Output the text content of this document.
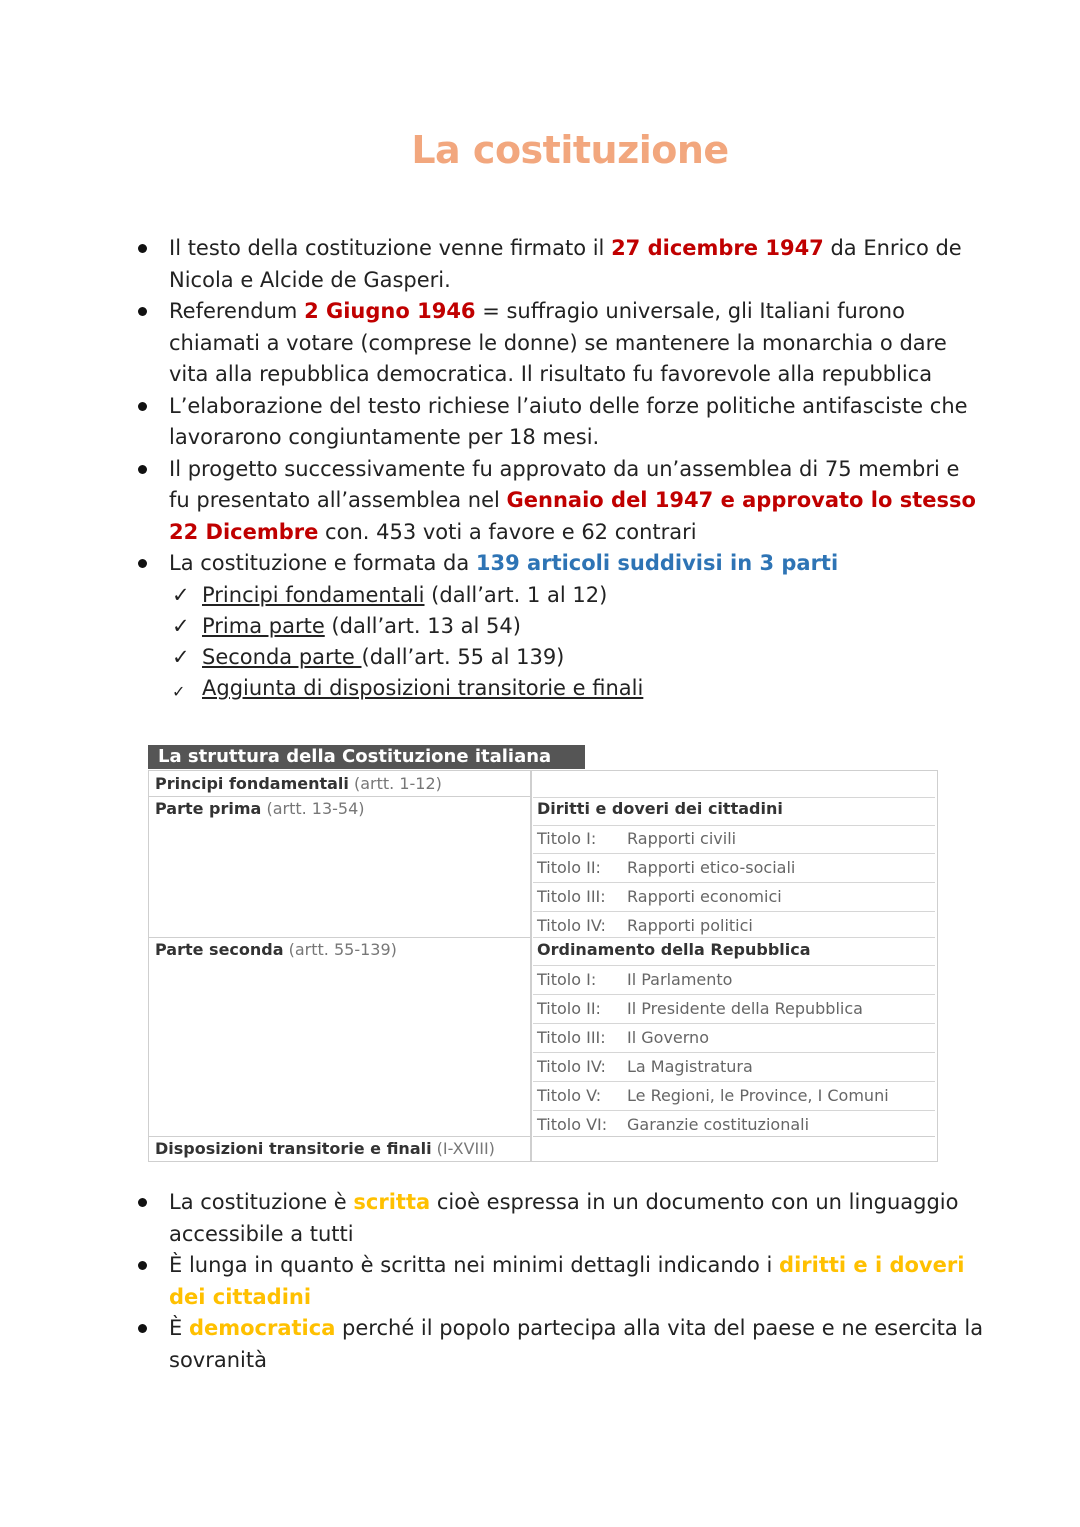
La costituzione
Il testo della costituzione venne firmato il 27 dicembre 1947 da Enrico de Nicola e Alcide de Gasperi.
Referendum 2 Giugno 1946 = suffragio universale, gli Italiani furono chiamati a votare (comprese le donne) se mantenere la monarchia o dare vita alla repubblica democratica. Il risultato fu favorevole alla repubblica
L’elaborazione del testo richiese l’aiuto delle forze politiche antifasciste che lavorarono congiuntamente per 18 mesi.
Il progetto successivamente fu approvato da un’assemblea di 75 membri e fu presentato all’assemblea nel Gennaio del 1947 e approvato lo stesso 22 Dicembre con. 453 voti a favore e 62 contrari
La costituzione e formata da 139 articoli suddivisi in 3 parti
✓ Principi fondamentali (dall’art. 1 al 12)
✓ Prima parte (dall’art. 13 al 54)
✓ Seconda parte (dall’art. 55 al 139)
✓ Aggiunta di disposizioni transitorie e finali
La struttura della Costituzione italiana
Principi fondamentali (artt. 1-12)
Parte prima (artt. 13-54)
Parte seconda (artt. 55-139)
Disposizioni transitorie e finali (I-XVIII)
Diritti e doveri dei cittadini
Titolo I: Rapporti civili
Titolo II: Rapporti etico-sociali
Titolo III: Rapporti economici
Titolo IV: Rapporti politici
Ordinamento della Repubblica
Titolo I: Il Parlamento
Titolo II: Il Presidente della Repubblica
Titolo III: Il Governo
Titolo IV: La Magistratura
Titolo V: Le Regioni, le Province, I Comuni
Titolo VI: Garanzie costituzionali
La costituzione è scritta cioè espressa in un documento con un linguaggio accessibile a tutti
È lunga in quanto è scritta nei minimi dettagli indicando i diritti e i doveri dei cittadini
È democratica perché il popolo partecipa alla vita del paese e ne esercita la sovranità
